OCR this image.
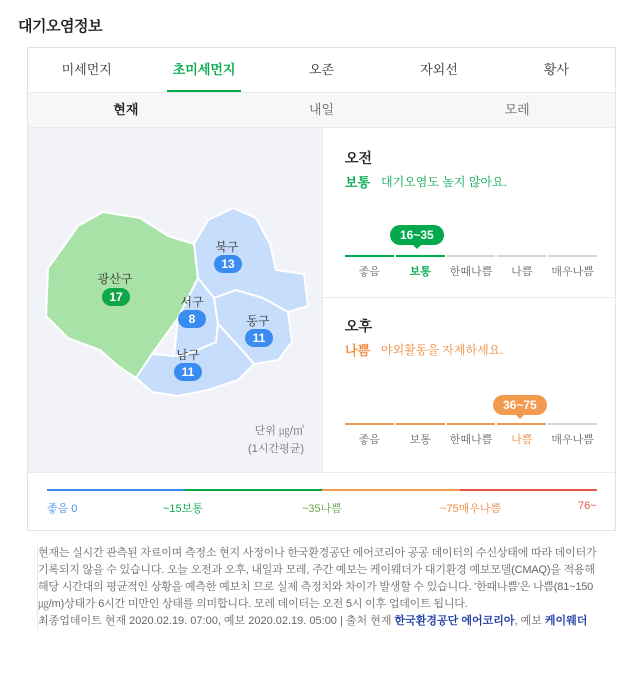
대기오염정보
미세먼지	초미세먼지	오존	자외선	황사
현재	내일	모레
광산구
17
북구
13
서구
8	동구
11
남구
11
단위 ㎍/㎥
(1시간평균)
오전
보통 대기오염도 높지 않아요.
16~35
좋음	보통	한때나쁨	나쁨	매우나쁨
오후
나쁨 야외활동을 자제하세요.
36~75
좋음	보통	한때나쁨	나쁨	매우나쁨
좋음 0	~15보통	~35나쁨	~75매우나쁨	76~
현재는 실시간 관측된 자료이며 측정소 현지 사정이나 한국환경공단 에어코리아 공공 데이터의 수신상태에 따라 데이터가 기록되지 않을 수 있습니다. 오늘 오전과 오후, 내일과 모레, 주간 예보는 케이웨더가 대기환경 예보모델(CMAQ)을 적용해 해당 시간대의 평균적인 상황을 예측한 예보치 므로 실제 측정치와 차이가 발생할 수 있습니다. '한때나쁨'은 나쁨(81~150㎍/m)상태가 6시간 미만인 상태를 의미합니다. 모레 데이터는 오전 5시 이후 업데이트 됩니다.
최종업데이트 현재 2020.02.19. 07:00, 예보 2020.02.19. 05:00 | 출처 현재 한국환경공단 에어코리아, 예보 케이웨더
